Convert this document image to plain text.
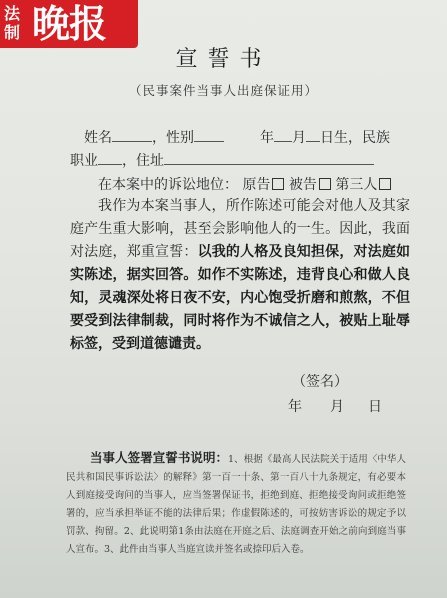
法制 晚报
宣誓书
（民事案件当事人出庭保证用）
姓名	，性别	年 月 日生，民族
职业 ，住址
在本案中的诉讼地位： 原告 被告 第三人
我作为本案当事人，所作陈述可能会对他人及其家庭产生重大影响，甚至会影响他人的一生。因此，我面对法庭，郑重宣誓：以我的人格及良知担保，对法庭如实陈述，据实回答。如作不实陈述，违背良心和做人良知，灵魂深处将日夜不安，内心饱受折磨和煎熬，不但要受到法律制裁，同时将作为不诚信之人，被贴上耻辱标签，受到道德谴责。
（签名）
年 月 日
当事人签署宣誓书说明：1、根据《最高人民法院关于适用〈中华人民共和国民事诉讼法〉的解释》第一百一十条、第一百八十九条规定，有必要本人到庭接受询问的当事人，应当签署保证书，拒绝到庭、拒绝接受询问或拒绝签署的，应当承担举证不能的法律后果；作虚假陈述的，可按妨害诉讼的规定予以罚款、拘留。2、此说明第1条由法庭在开庭之后、法庭调查开始之前向到庭当事人宣布。3、此件由当事人当庭宣读并签名或捺印后入卷。
